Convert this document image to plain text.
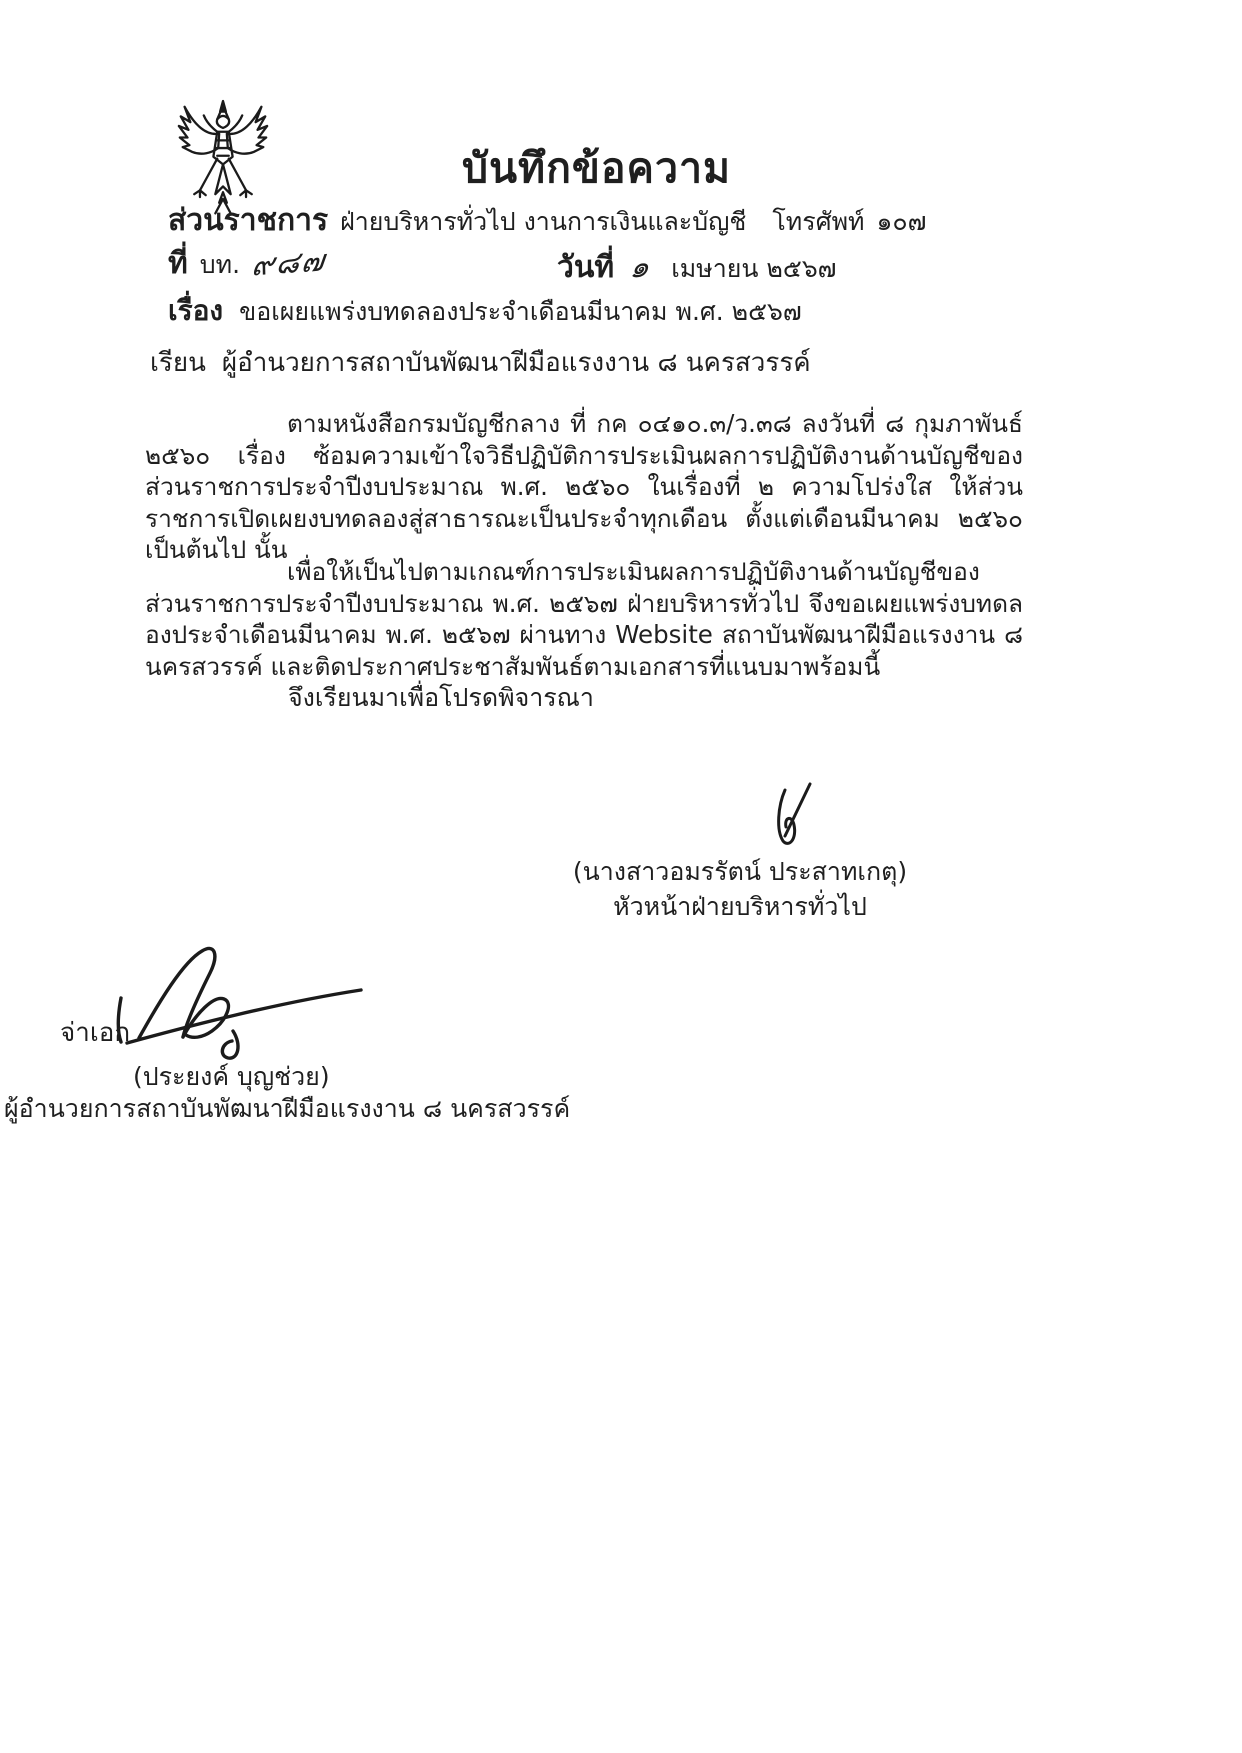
บันทึกข้อความ
ส่วนราชการ ฝ่ายบริหารทั่วไป งานการเงินและบัญชี โทรศัพท์ ๑๐๗
ที่ บท. ๙๘๗	วันที่ ๑ เมษายน ๒๕๖๗
เรื่อง ขอเผยแพร่งบทดลองประจำเดือนมีนาคม พ.ศ. ๒๕๖๗
เรียน ผู้อำนวยการสถาบันพัฒนาฝีมือแรงงาน ๘ นครสวรรค์
ตามหนังสือกรมบัญชีกลาง ที่ กค ๐๔๑๐.๓/ว.๓๘ ลงวันที่ ๘ กุมภาพันธ์ ๒๕๖๐ เรื่อง ซ้อมความเข้าใจวิธีปฏิบัติการประเมินผลการปฏิบัติงานด้านบัญชีของส่วนราชการประจำปีงบประมาณ พ.ศ. ๒๕๖๐ ในเรื่องที่ ๒ ความโปร่งใส ให้ส่วนราชการเปิดเผยงบทดลองสู่สาธารณะเป็นประจำทุกเดือน ตั้งแต่เดือนมีนาคม ๒๕๖๐ เป็นต้นไป นั้น
เพื่อให้เป็นไปตามเกณฑ์การประเมินผลการปฏิบัติงานด้านบัญชีของส่วนราชการประจำปีงบประมาณ พ.ศ. ๒๕๖๗ ฝ่ายบริหารทั่วไป จึงขอเผยแพร่งบทดลองประจำเดือนมีนาคม พ.ศ. ๒๕๖๗ ผ่านทาง Website สถาบันพัฒนาฝีมือแรงงาน ๘ นครสวรรค์ และติดประกาศประชาสัมพันธ์ตามเอกสารที่แนบมาพร้อมนี้
จึงเรียนมาเพื่อโปรดพิจารณา
(นางสาวอมรรัตน์ ประสาทเกตุ)
หัวหน้าฝ่ายบริหารทั่วไป
จ่าเอก
(ประยงค์ บุญช่วย)
ผู้อำนวยการสถาบันพัฒนาฝีมือแรงงาน ๘ นครสวรรค์
